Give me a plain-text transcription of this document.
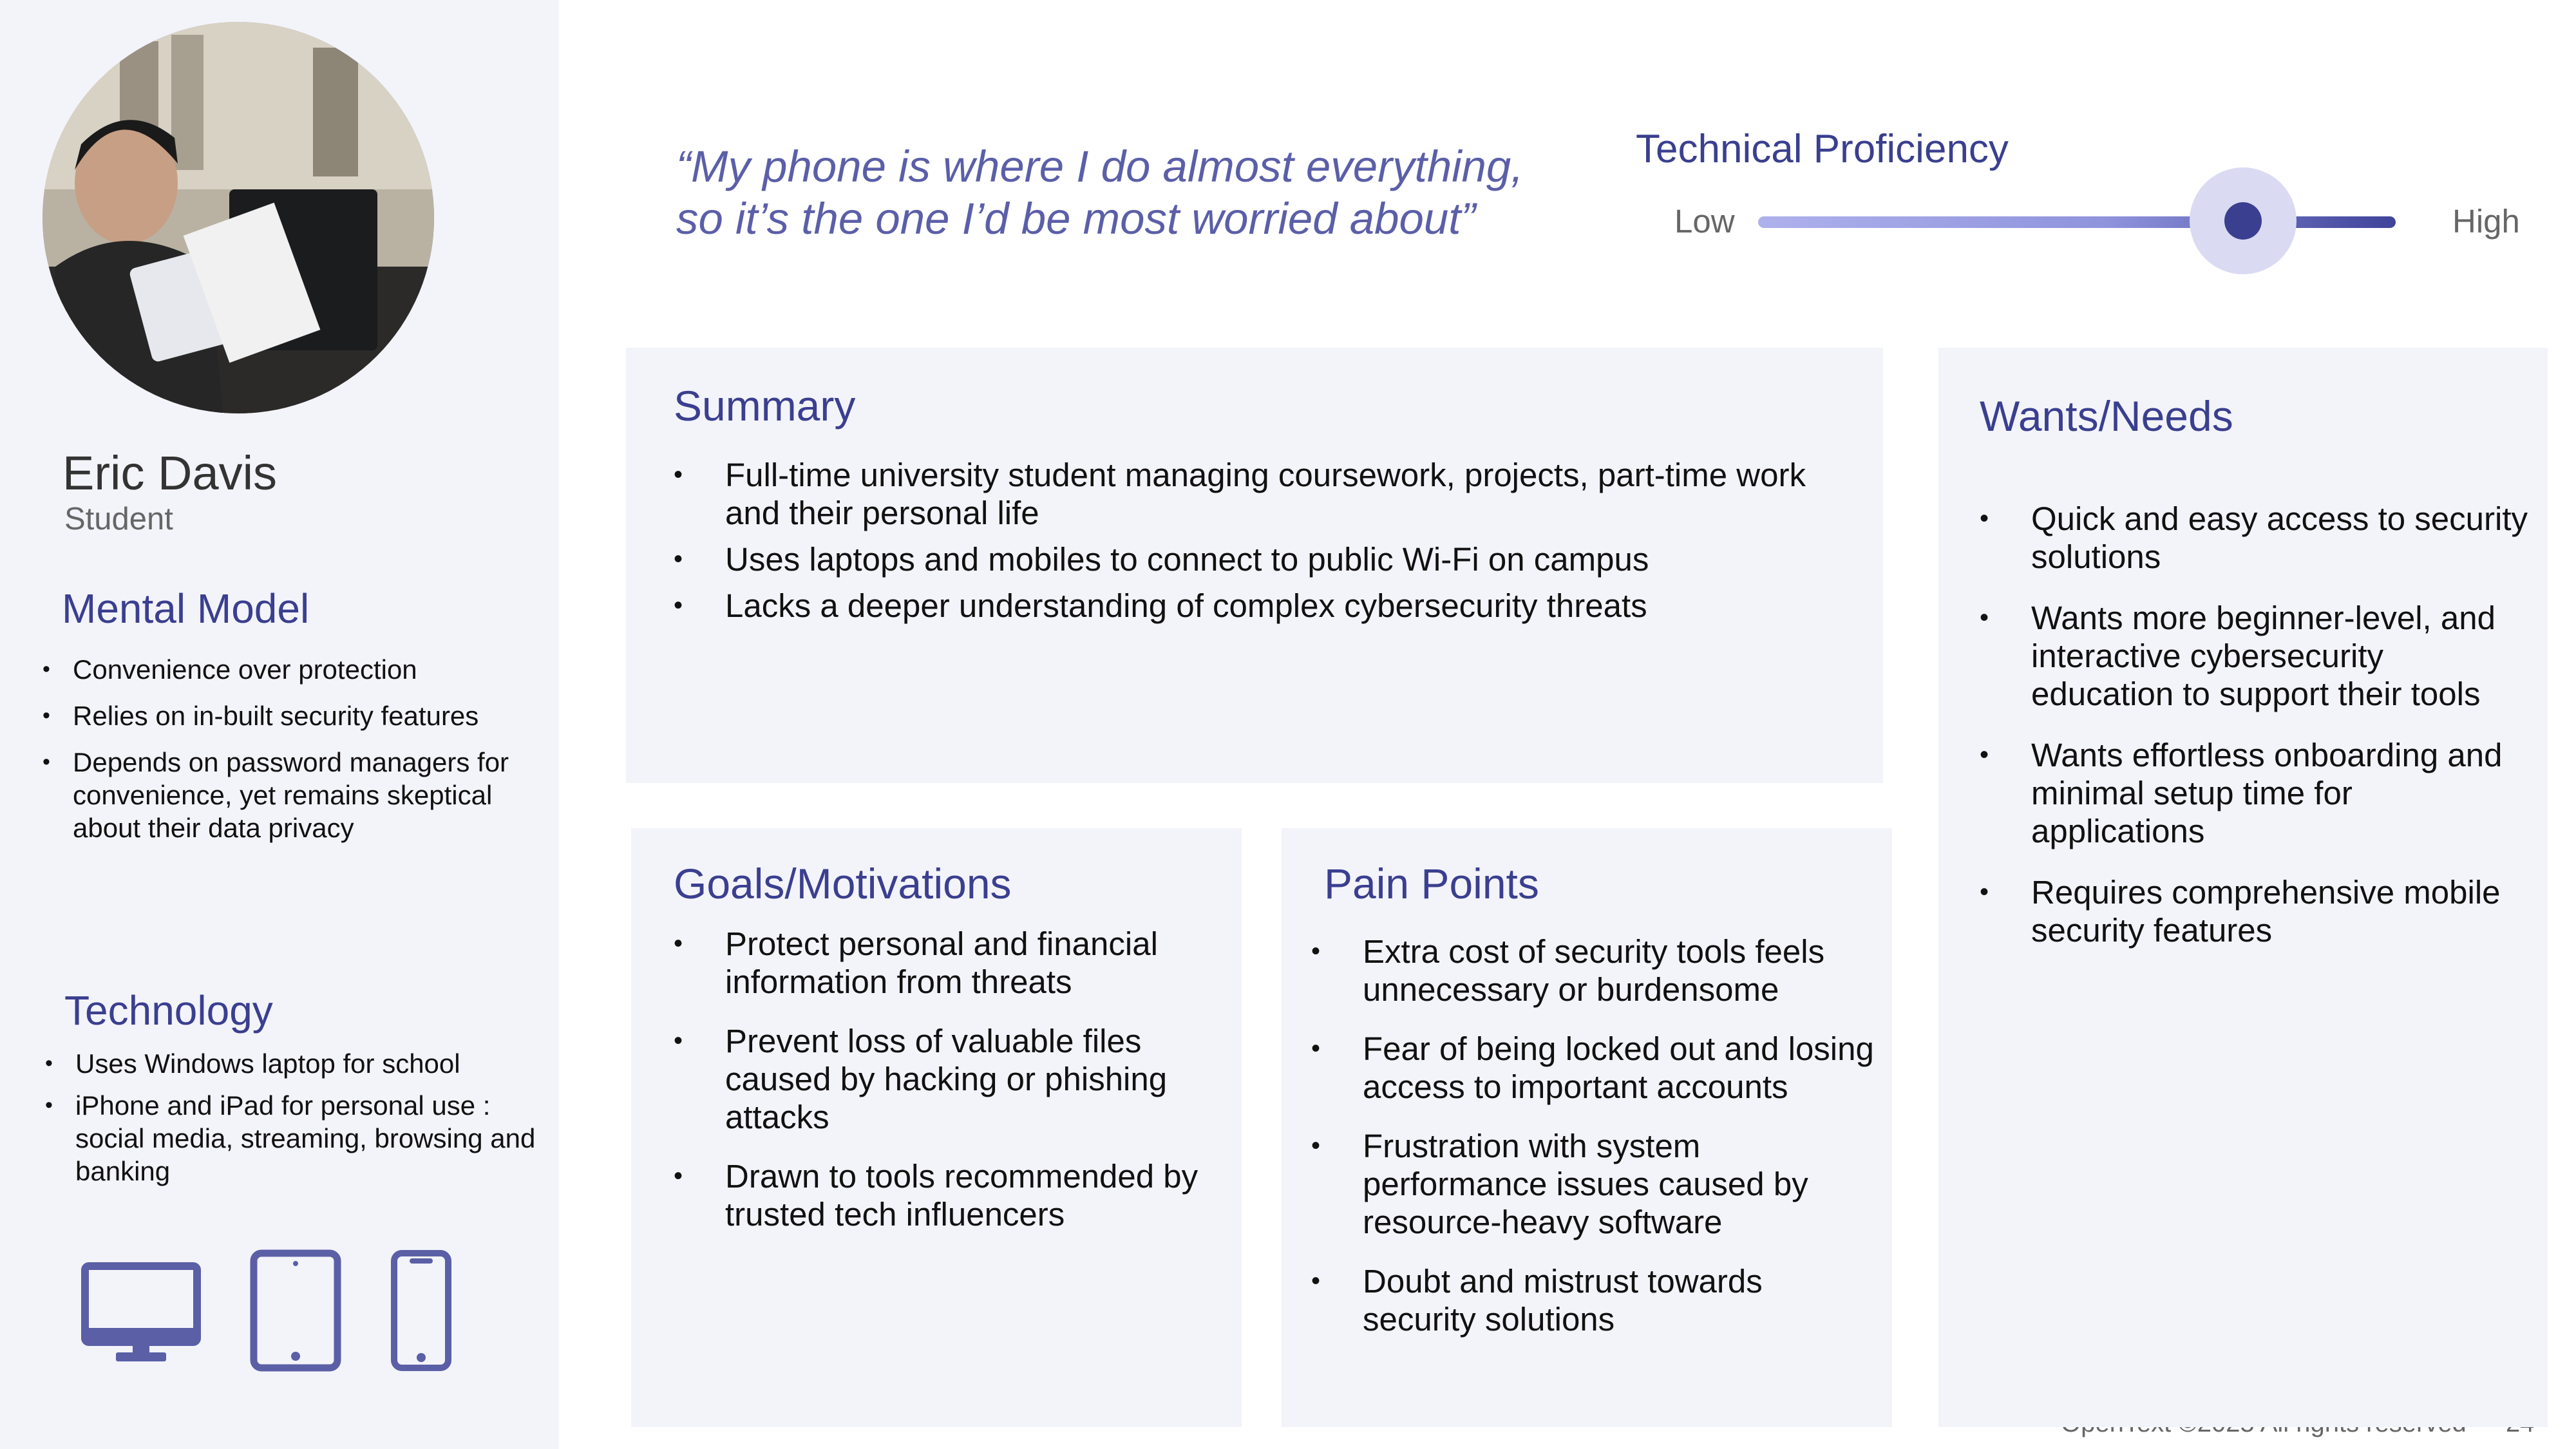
Eric Davis
Student
Mental Model
• Convenience over protection
• Relies on in-built security features
• Depends on password managers for convenience, yet remains skeptical about their data privacy
Technology
• Uses Windows laptop for school
• iPhone and iPad for personal use : social media, streaming, browsing and banking
“My phone is where I do almost everything,
so it’s the one I’d be most worried about”
Technical Proficiency
Low	High
Summary
• Full-time university student managing coursework, projects, part-time work and their personal life
• Uses laptops and mobiles to connect to public Wi-Fi on campus
• Lacks a deeper understanding of complex cybersecurity threats
Wants/Needs
• Quick and easy access to security solutions
• Wants more beginner-level, and interactive cybersecurity education to support their tools
• Wants effortless onboarding and minimal setup time for applications
• Requires comprehensive mobile security features
Goals/Motivations
• Protect personal and financial information from threats
• Prevent loss of valuable files caused by hacking or phishing attacks
• Drawn to tools recommended by trusted tech influencers
Pain Points
• Extra cost of security tools feels unnecessary or burdensome
• Fear of being locked out and losing access to important accounts
• Frustration with system performance issues caused by resource-heavy software
• Doubt and mistrust towards security solutions
